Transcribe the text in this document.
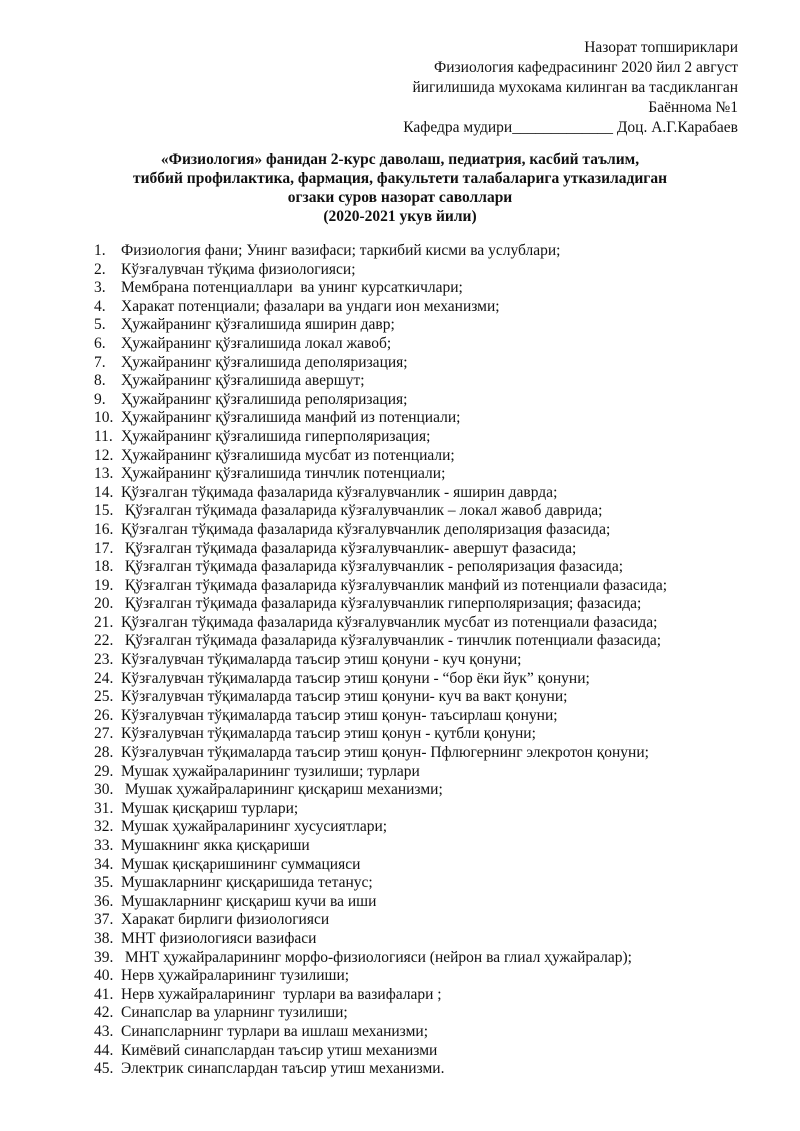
Назорат топшириклари
Физиология кафедрасининг 2020 йил 2 август
йигилишида мухокама килинган ва тасдикланган
Баённома №1
Кафедра мудири_____________ Доц. А.Г.Карабаев
«Физиология» фанидан 2-курс даволаш, педиатрия, касбий таълим,
тиббий профилактика, фармация, факультети талабаларига утказиладиган
огзаки суров назорат саволлари
(2020-2021 укув йили)
1. Физиология фани; Унинг вазифаси; таркибий кисми ва услублари;
2. Кўзғалувчан тўқима физиологияси;
3. Мембрана потенциаллари  ва унинг курсаткичлари;
4. Харакат потенциали; фазалари ва ундаги ион механизми;
5. Ҳужайранинг қўзғалишида яширин давр;
6. Ҳужайранинг қўзғалишида локал жавоб;
7. Ҳужайранинг қўзғалишида деполяризация;
8. Ҳужайранинг қўзғалишида авершут;
9. Ҳужайранинг қўзғалишида реполяризация;
10. Ҳужайранинг қўзғалишида манфий из потенциали;
11. Ҳужайранинг қўзғалишида гиперполяризация;
12. Ҳужайранинг қўзғалишида мусбат из потенциали;
13. Ҳужайранинг қўзғалишида тинчлик потенциали;
14. Қўзғалган тўқимада фазаларида кўзғалувчанлик - яширин даврда;
15. Қўзғалган тўқимада фазаларида кўзғалувчанлик – локал жавоб даврида;
16. Қўзғалган тўқимада фазаларида кўзғалувчанлик деполяризация фазасида;
17. Қўзғалган тўқимада фазаларида кўзғалувчанлик- авершут фазасида;
18. Қўзғалган тўқимада фазаларида кўзғалувчанлик - реполяризация фазасида;
19. Қўзғалган тўқимада фазаларида кўзғалувчанлик манфий из потенциали фазасида;
20. Қўзғалган тўқимада фазаларида кўзғалувчанлик гиперполяризация; фазасида;
21. Қўзғалган тўқимада фазаларида кўзғалувчанлик мусбат из потенциали фазасида;
22. Қўзғалган тўқимада фазаларида кўзғалувчанлик - тинчлик потенциали фазасида;
23. Кўзғалувчан тўқималарда таъсир этиш қонуни - куч қонуни;
24. Кўзғалувчан тўқималарда таъсир этиш қонуни - “бор ёки йук” қонуни;
25. Кўзғалувчан тўқималарда таъсир этиш қонуни- куч ва вакт қонуни;
26. Кўзғалувчан тўқималарда таъсир этиш қонун- таъсирлаш қонуни;
27. Кўзғалувчан тўқималарда таъсир этиш қонун - қутбли қонуни;
28. Кўзғалувчан тўқималарда таъсир этиш қонун- Пфлюгернинг элекротон қонуни;
29. Мушак ҳужайраларининг тузилиши; турлари
30. Мушак ҳужайраларининг қисқариш механизми;
31. Мушак қисқариш турлари;
32. Мушак ҳужайраларининг хусусиятлари;
33. Мушакнинг якка қисқариши
34. Мушак қисқаришининг суммацияси
35. Мушакларнинг қисқаришида тетанус;
36. Мушакларнинг қисқариш кучи ва иши
37. Харакат бирлиги физиологияси
38. МНТ физиологияси вазифаси
39. МНТ ҳужайраларининг морфо-физиологияси (нейрон ва глиал ҳужайралар);
40. Нерв ҳужайраларининг тузилиши;
41. Нерв хужайраларининг  турлари ва вазифалари ;
42. Синапслар ва уларнинг тузилиши;
43. Синапсларнинг турлари ва ишлаш механизми;
44. Кимёвий синапслардан таъсир утиш механизми
45. Электрик синапслардан таъсир утиш механизми.
